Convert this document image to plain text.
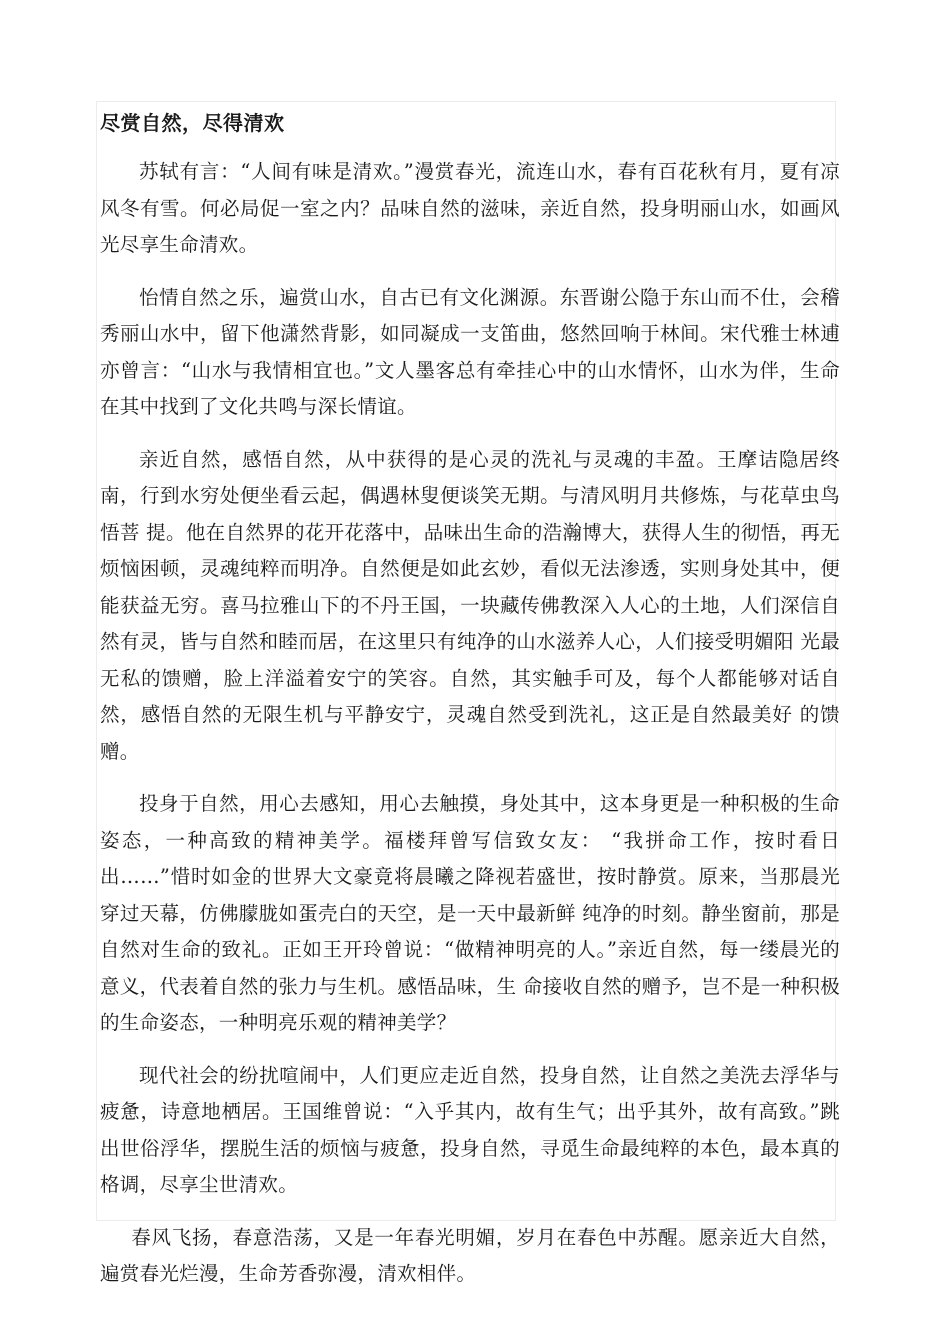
尽赏自然，尽得清欢

苏轼有言：“人间有味是清欢。”漫赏春光，流连山水，春有百花秋有月，夏有凉风冬有雪。何必局促一室之内？品味自然的滋味，亲近自然，投身明丽山水，如画风光尽享生命清欢。

怡情自然之乐，遍赏山水，自古已有文化渊源。东晋谢公隐于东山而不仕，会稽秀丽山水中，留下他潇然背影，如同凝成一支笛曲，悠然回响于林间。宋代雅士林逋亦曾言：“山水与我情相宜也。”文人墨客总有牵挂心中的山水情怀，山水为伴，生命在其中找到了文化共鸣与深长情谊。

亲近自然，感悟自然，从中获得的是心灵的洗礼与灵魂的丰盈。王摩诘隐居终南，行到水穷处便坐看云起，偶遇林叟便谈笑无期。与清风明月共修炼，与花草虫鸟悟菩 提。他在自然界的花开花落中，品味出生命的浩瀚博大，获得人生的彻悟，再无烦恼困顿，灵魂纯粹而明净。自然便是如此玄妙，看似无法渗透，实则身处其中，便 能获益无穷。喜马拉雅山下的不丹王国，一块藏传佛教深入人心的土地，人们深信自然有灵，皆与自然和睦而居，在这里只有纯净的山水滋养人心，人们接受明媚阳 光最无私的馈赠，脸上洋溢着安宁的笑容。自然，其实触手可及，每个人都能够对话自然，感悟自然的无限生机与平静安宁，灵魂自然受到洗礼，这正是自然最美好 的馈赠。

投身于自然，用心去感知，用心去触摸，身处其中，这本身更是一种积极的生命姿态，一种高致的精神美学。福楼拜曾写信致女友： “我拼命工作，按时看日出……”惜时如金的世界大文豪竟将晨曦之降视若盛世，按时静赏。原来，当那晨光穿过天幕，仿佛朦胧如蛋壳白的天空，是一天中最新鲜 纯净的时刻。静坐窗前，那是自然对生命的致礼。正如王开玲曾说：“做精神明亮的人。”亲近自然，每一缕晨光的意义，代表着自然的张力与生机。感悟品味，生 命接收自然的赠予，岂不是一种积极的生命姿态，一种明亮乐观的精神美学？

现代社会的纷扰喧闹中，人们更应走近自然，投身自然，让自然之美洗去浮华与疲惫，诗意地栖居。王国维曾说：“入乎其内，故有生气；出乎其外，故有高致。”跳出世俗浮华，摆脱生活的烦恼与疲惫，投身自然，寻觅生命最纯粹的本色，最本真的格调，尽享尘世清欢。

春风飞扬，春意浩荡，又是一年春光明媚，岁月在春色中苏醒。愿亲近大自然，遍赏春光烂漫，生命芳香弥漫，清欢相伴。
